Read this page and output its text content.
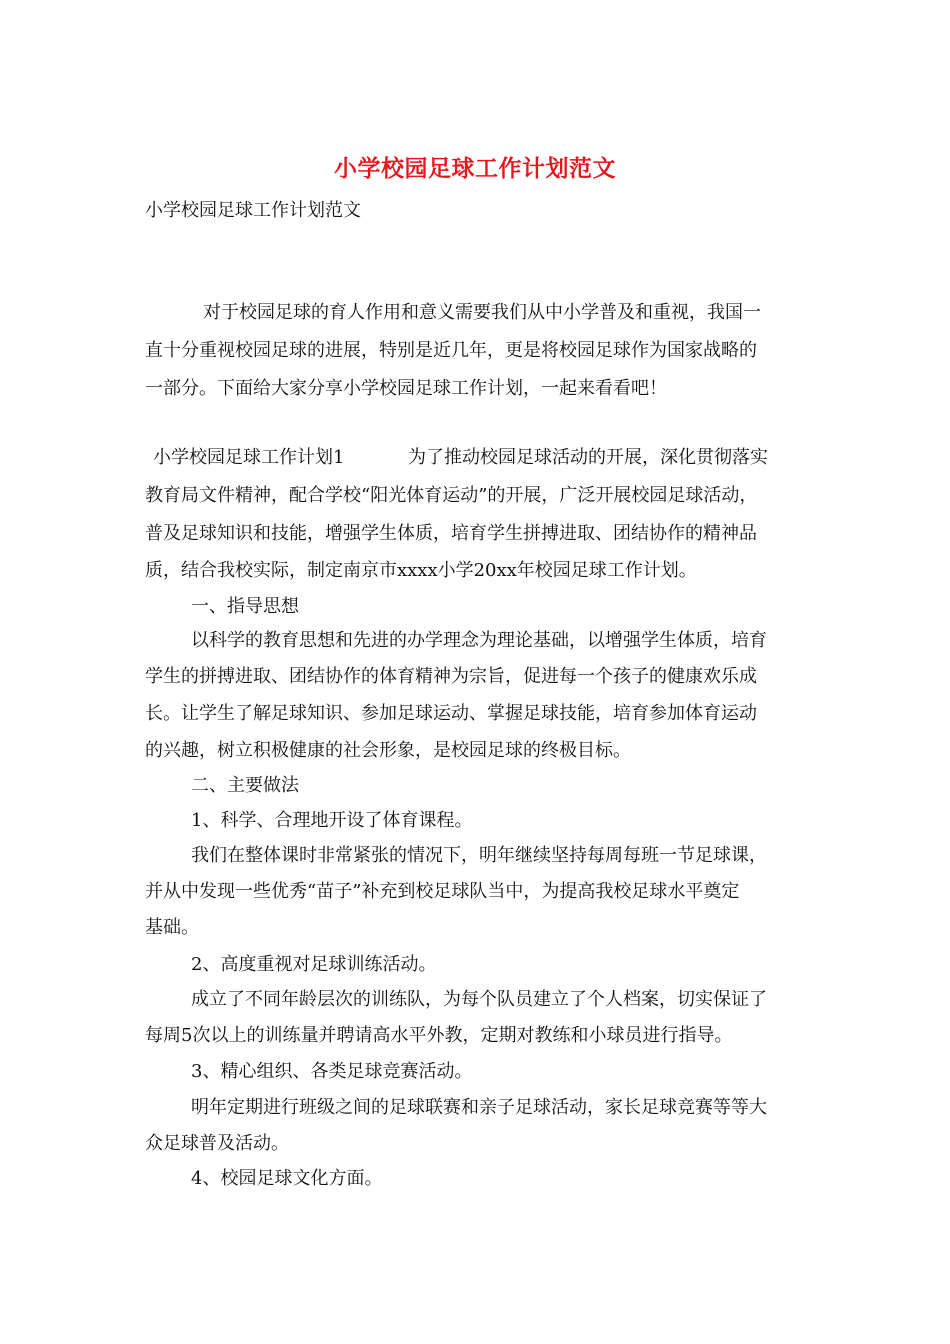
小学校园足球工作计划范文
小学校园足球工作计划范文
对于校园足球的育人作用和意义需要我们从中小学普及和重视，我国一
直十分重视校园足球的进展，特别是近几年，更是将校园足球作为国家战略的
一部分。下面给大家分享小学校园足球工作计划，一起来看看吧！
小学校园足球工作计划1	为了推动校园足球活动的开展，深化贯彻落实
教育局文件精神，配合学校“阳光体育运动”的开展，广泛开展校园足球活动，
普及足球知识和技能，增强学生体质，培育学生拼搏进取、团结协作的精神品
质，结合我校实际，制定南京市xxxx小学20xx年校园足球工作计划。
一、指导思想
以科学的教育思想和先进的办学理念为理论基础，以增强学生体质，培育
学生的拼搏进取、团结协作的体育精神为宗旨，促进每一个孩子的健康欢乐成
长。让学生了解足球知识、参加足球运动、掌握足球技能，培育参加体育运动
的兴趣，树立积极健康的社会形象，是校园足球的终极目标。
二、主要做法
1、科学、合理地开设了体育课程。
我们在整体课时非常紧张的情况下，明年继续坚持每周每班一节足球课，
并从中发现一些优秀“苗子”补充到校足球队当中，为提高我校足球水平奠定
基础。
2、高度重视对足球训练活动。
成立了不同年龄层次的训练队，为每个队员建立了个人档案，切实保证了
每周5次以上的训练量并聘请高水平外教，定期对教练和小球员进行指导。
3、精心组织、各类足球竞赛活动。
明年定期进行班级之间的足球联赛和亲子足球活动，家长足球竞赛等等大
众足球普及活动。
4、校园足球文化方面。
